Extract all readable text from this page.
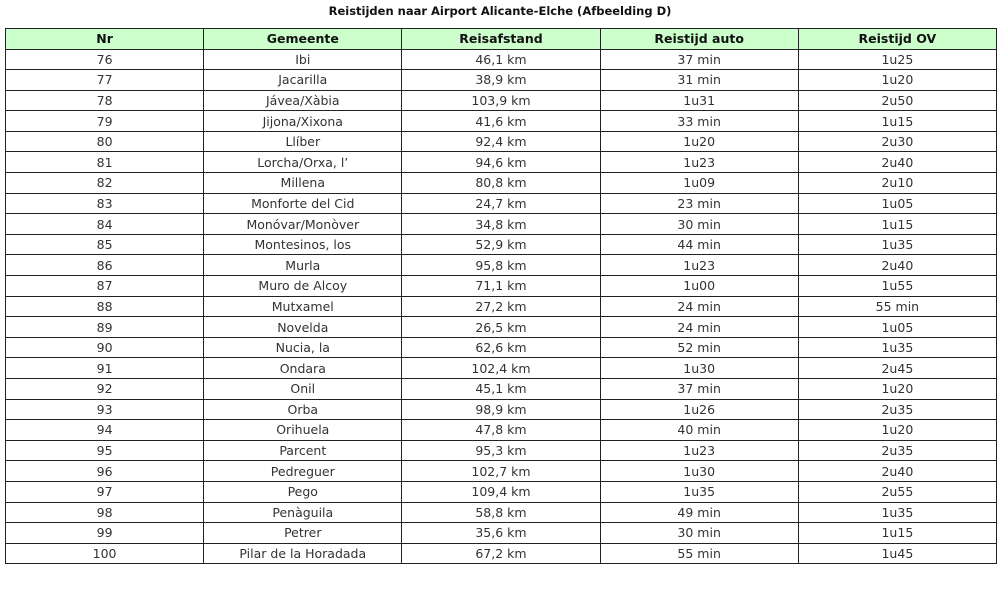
Reistijden naar Airport Alicante-Elche (Afbeelding D)
Nr	Gemeente	Reisafstand	Reistijd auto	Reistijd OV
76	Ibi	46,1 km	37 min	1u25
77	Jacarilla	38,9 km	31 min	1u20
78	Jávea/Xàbia	103,9 km	1u31	2u50
79	Jijona/Xixona	41,6 km	33 min	1u15
80	Llíber	92,4 km	1u20	2u30
81	Lorcha/Orxa, l’	94,6 km	1u23	2u40
82	Millena	80,8 km	1u09	2u10
83	Monforte del Cid	24,7 km	23 min	1u05
84	Monóvar/Monòver	34,8 km	30 min	1u15
85	Montesinos, los	52,9 km	44 min	1u35
86	Murla	95,8 km	1u23	2u40
87	Muro de Alcoy	71,1 km	1u00	1u55
88	Mutxamel	27,2 km	24 min	55 min
89	Novelda	26,5 km	24 min	1u05
90	Nucia, la	62,6 km	52 min	1u35
91	Ondara	102,4 km	1u30	2u45
92	Onil	45,1 km	37 min	1u20
93	Orba	98,9 km	1u26	2u35
94	Orihuela	47,8 km	40 min	1u20
95	Parcent	95,3 km	1u23	2u35
96	Pedreguer	102,7 km	1u30	2u40
97	Pego	109,4 km	1u35	2u55
98	Penàguila	58,8 km	49 min	1u35
99	Petrer	35,6 km	30 min	1u15
100	Pilar de la Horadada	67,2 km	55 min	1u45
